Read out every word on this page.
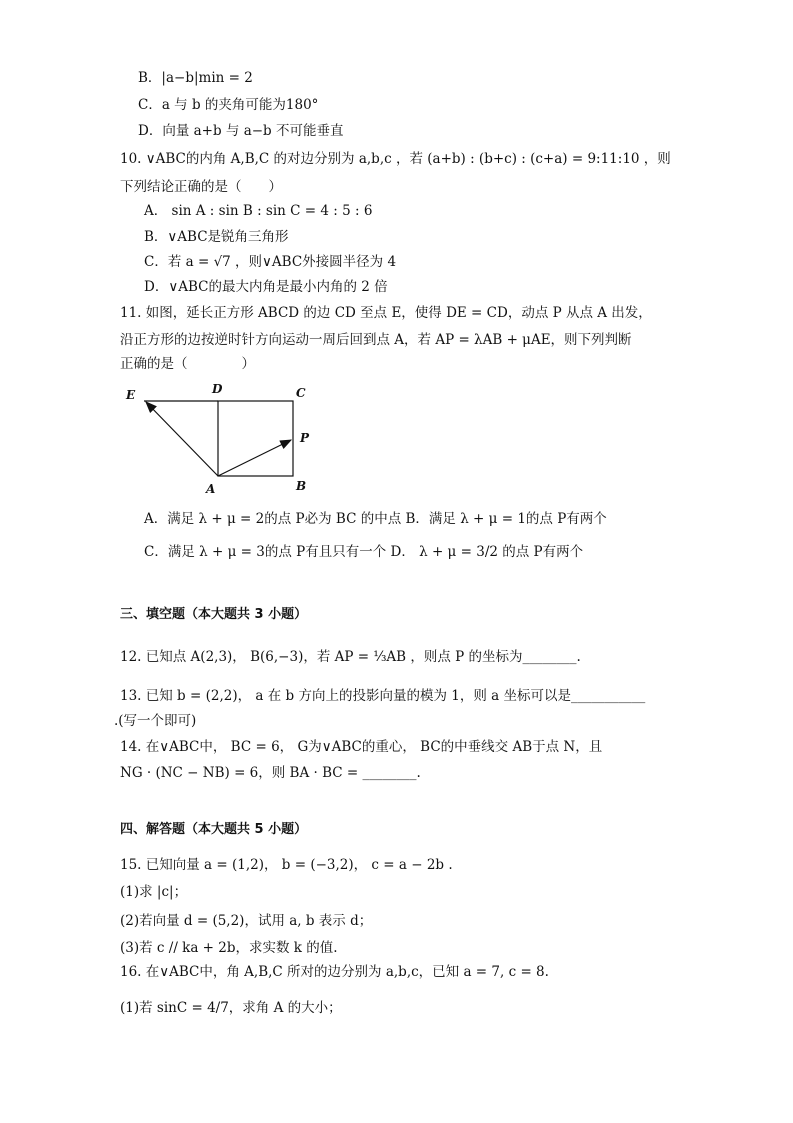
B．|a−b|min = 2
C．a 与 b 的夹角可能为180°
D．向量 a+b 与 a−b 不可能垂直
10. ∨ABC的内角 A,B,C 的对边分别为 a,b,c ，若 (a+b) : (b+c) : (c+a) = 9:11:10 ，则
下列结论正确的是（　　）
A． sin A : sin B : sin C = 4 : 5 : 6
B．∨ABC是锐角三角形
C．若 a = √7 ，则∨ABC外接圆半径为 4
D．∨ABC的最大内角是最小内角的 2 倍
11. 如图，延长正方形 ABCD 的边 CD 至点 E，使得 DE = CD，动点 P 从点 A 出发，
沿正方形的边按逆时针方向运动一周后回到点 A，若 AP = λAB + μAE，则下列判断
正确的是（　　　　）
E	D	C
P
A	B
A．满足 λ + μ = 2的点 P必为 BC 的中点 B．满足 λ + μ = 1的点 P有两个
C．满足 λ + μ = 3的点 P有且只有一个 D． λ + μ = 3/2 的点 P有两个
三、填空题（本大题共 3 小题）
12. 已知点 A(2,3)， B(6,−3)，若 AP = ⅓AB ，则点 P 的坐标为________.
13. 已知 b = (2,2)， a 在 b 方向上的投影向量的模为 1，则 a 坐标可以是___________
.(写一个即可)
14. 在∨ABC中， BC = 6， G为∨ABC的重心， BC的中垂线交 AB于点 N，且
NG · (NC − NB) = 6，则 BA · BC = ________.
四、解答题（本大题共 5 小题）
15. 已知向量 a = (1,2)， b = (−3,2)， c = a − 2b .
(1)求 |c|；
(2)若向量 d = (5,2)，试用 a, b 表示 d；
(3)若 c // ka + 2b，求实数 k 的值.
16. 在∨ABC中，角 A,B,C 所对的边分别为 a,b,c，已知 a = 7, c = 8.
(1)若 sinC = 4/7，求角 A 的大小；
